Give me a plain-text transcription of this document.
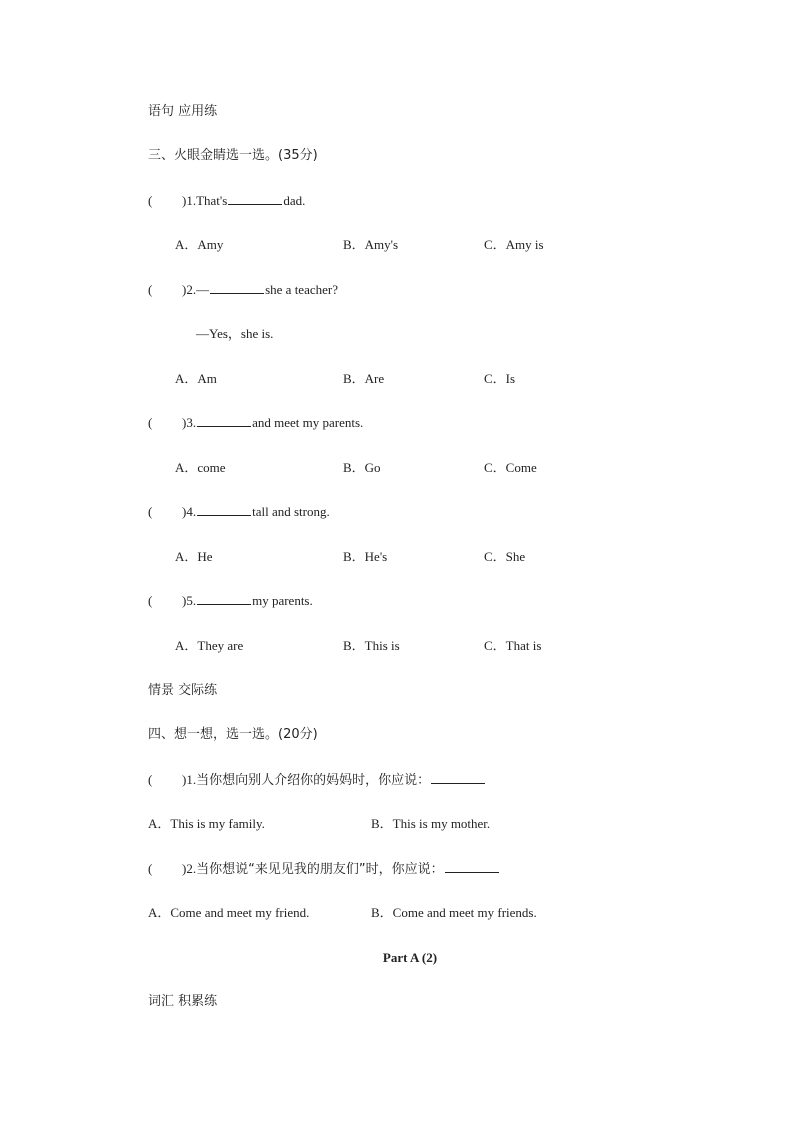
语句 应用练
三、火眼金睛选一选。(35分)
( )1.That's	dad.
A．Amy	B．Amy's	C．Amy is
( )2.—	she a teacher?
—Yes，she is.
A．Am	B．Are	C．Is
( )3.	and meet my parents.
A．come	B．Go	C．Come
( )4.	tall and strong.
A．He	B．He's	C．She
( )5.	my parents.
A．They are	B．This is	C．That is
情景 交际练
四、想一想，选一选。(20分)
( )1.当你想向别人介绍你的妈妈时，你应说：
A．This is my family.	B．This is my mother.
( )2.当你想说“来见见我的朋友们”时，你应说：
A．Come and meet my friend.	B．Come and meet my friends.
Part A (2)
词汇 积累练
